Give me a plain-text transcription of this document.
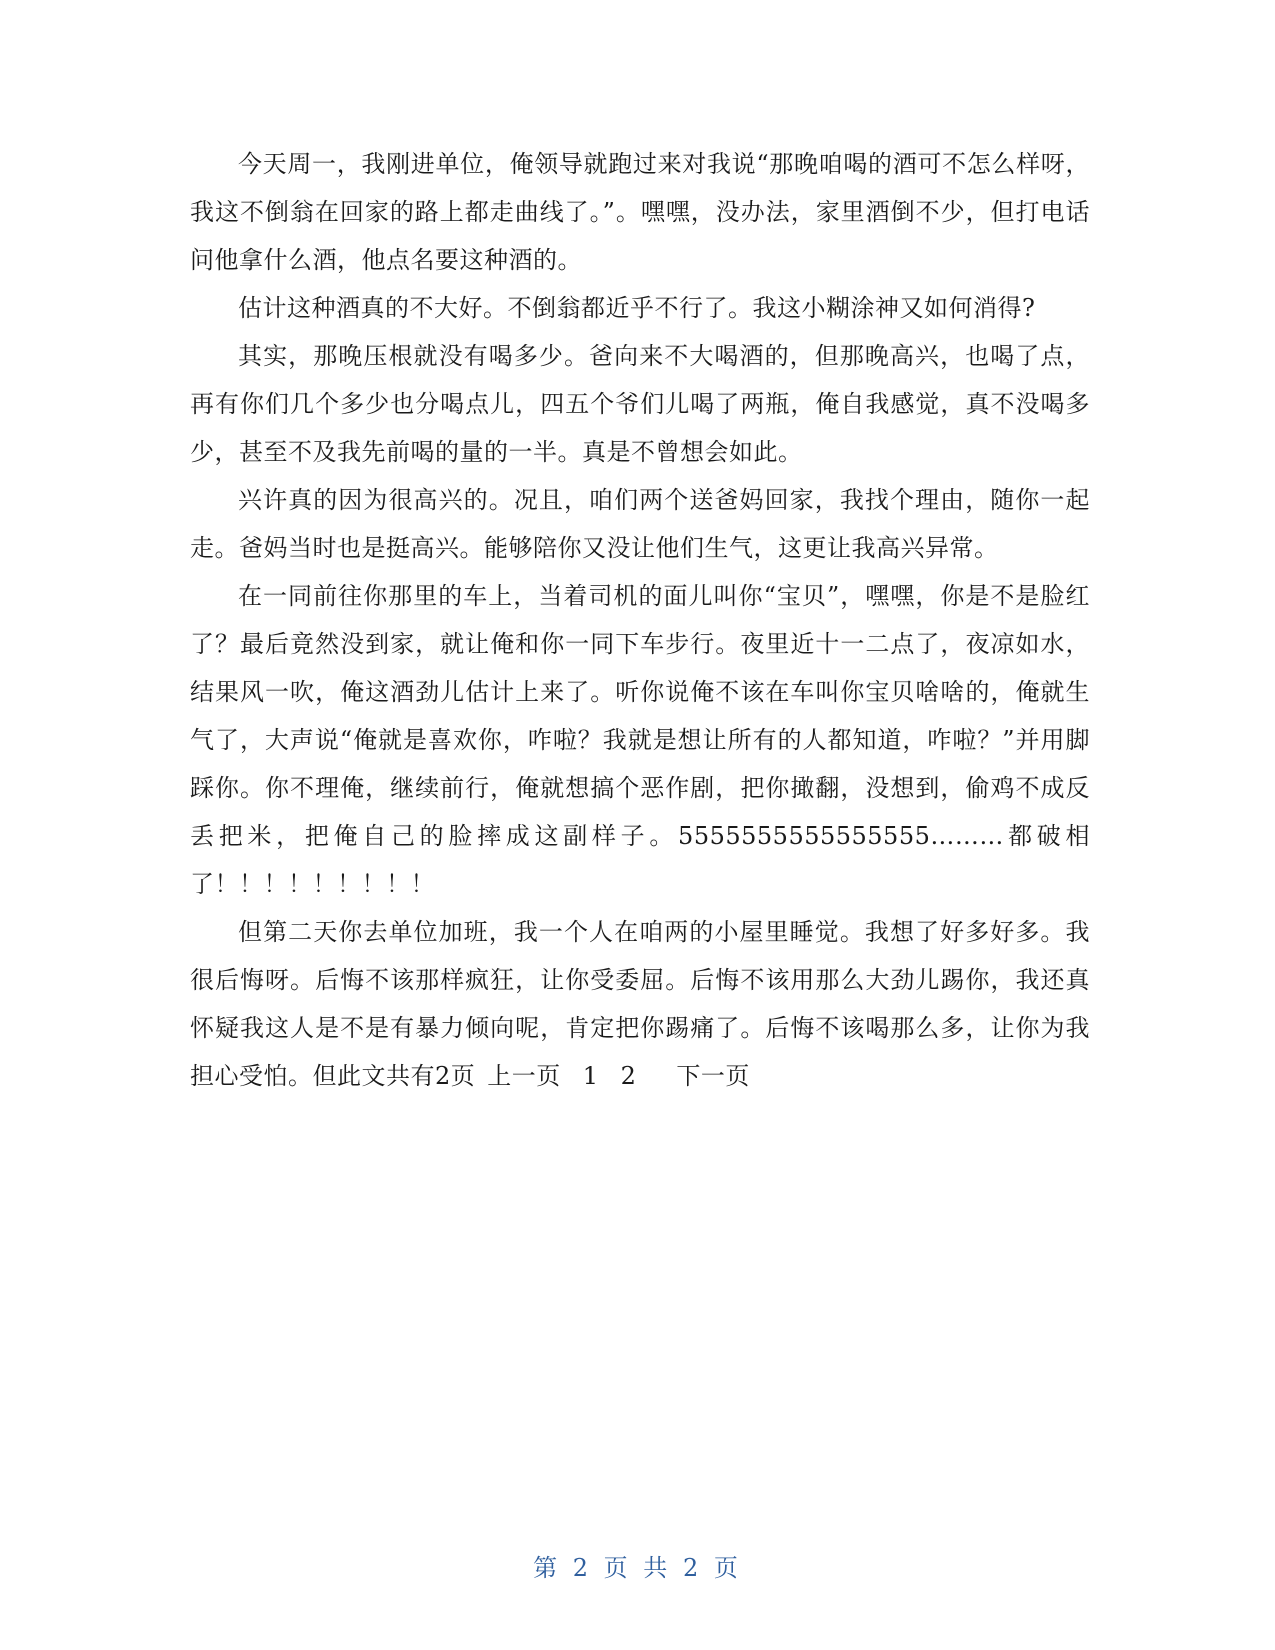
今天周一，我刚进单位，俺领导就跑过来对我说“那晚咱喝的酒可不怎么样呀，我这不倒翁在回家的路上都走曲线了。”。嘿嘿，没办法，家里酒倒不少，但打电话问他拿什么酒，他点名要这种酒的。

估计这种酒真的不大好。不倒翁都近乎不行了。我这小糊涂神又如何消得?

其实，那晚压根就没有喝多少。爸向来不大喝酒的，但那晚高兴，也喝了点，再有你们几个多少也分喝点儿，四五个爷们儿喝了两瓶，俺自我感觉，真不没喝多少，甚至不及我先前喝的量的一半。真是不曾想会如此。

兴许真的因为很高兴的。况且，咱们两个送爸妈回家，我找个理由，随你一起走。爸妈当时也是挺高兴。能够陪你又没让他们生气，这更让我高兴异常。

在一同前往你那里的车上，当着司机的面儿叫你“宝贝”，嘿嘿，你是不是脸红了？最后竟然没到家，就让俺和你一同下车步行。夜里近十一二点了，夜凉如水，结果风一吹，俺这酒劲儿估计上来了。听你说俺不该在车叫你宝贝啥啥的，俺就生气了，大声说“俺就是喜欢你，咋啦？我就是想让所有的人都知道，咋啦？”并用脚踩你。你不理俺，继续前行，俺就想搞个恶作剧，把你撖翻，没想到，偷鸡不成反丢把米，把俺自己的脸摔成这副样子。5555555555555555………都破相了！！！！！！！！！

但第二天你去单位加班，我一个人在咱两的小屋里睡觉。我想了好多好多。我很后悔呀。后悔不该那样疯狂，让你受委屈。后悔不该用那么大劲儿踢你，我还真怀疑我这人是不是有暴力倾向呢，肯定把你踢痛了。后悔不该喝那么多，让你为我担心受怕。但此文共有2页 上一页 1 2 下一页

第 2 页 共 2 页
